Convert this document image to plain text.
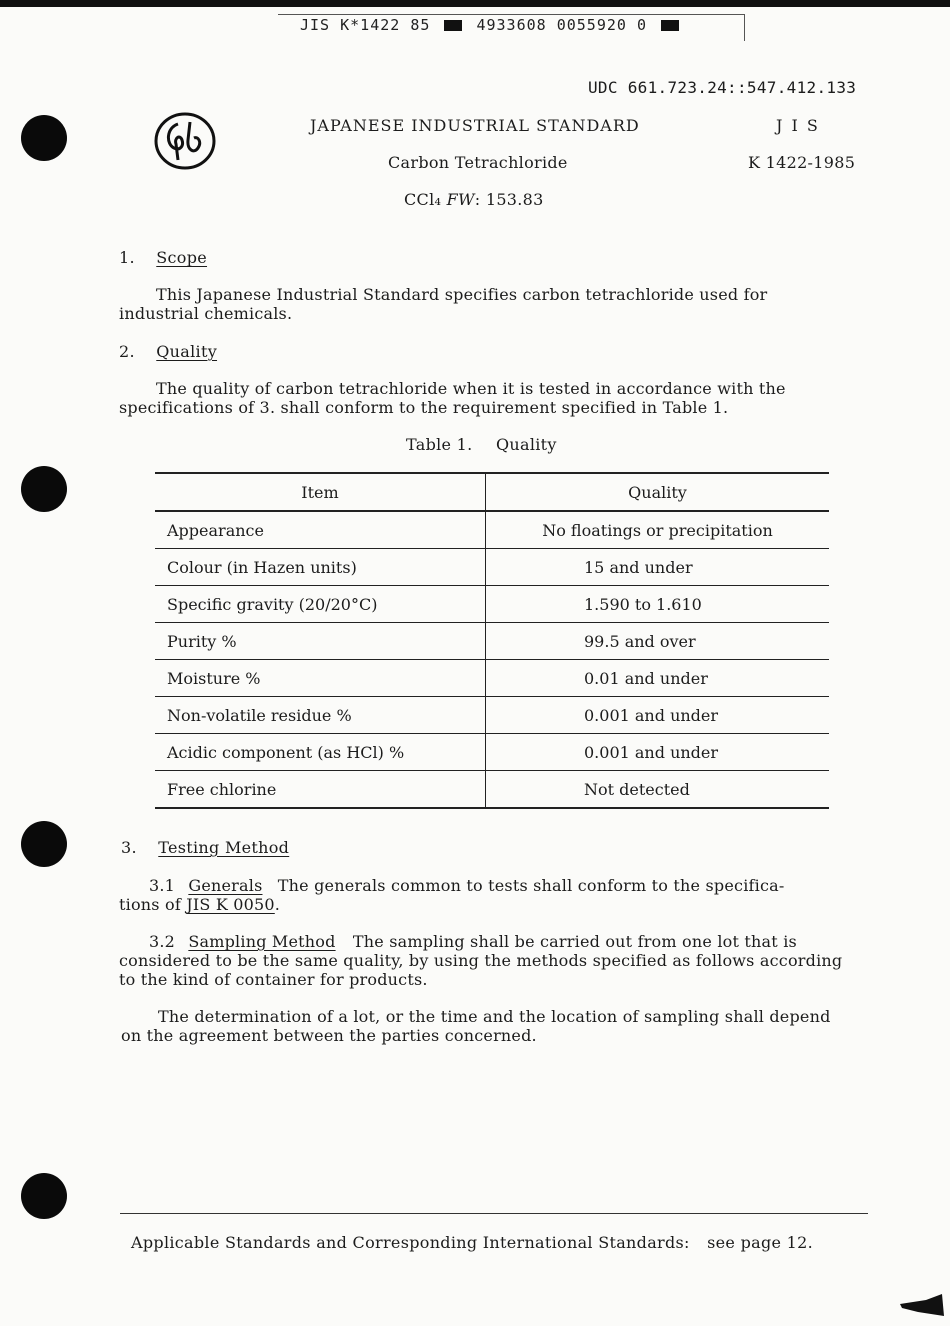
JIS K*1422 85	4933608 0055920 0
UDC 661.723.24::547.412.133
JAPANESE INDUSTRIAL STANDARD	J I S
Carbon Tetrachloride	K 1422-1985
CCl₄ FW: 153.83
1. Scope
This Japanese Industrial Standard specifies carbon tetrachloride used for industrial chemicals.
2. Quality
The quality of carbon tetrachloride when it is tested in accordance with the specifications of 3. shall conform to the requirement specified in Table 1.
Table 1. Quality
Item	Quality
Appearance	No floatings or precipitation
Colour (in Hazen units)	15 and under
Specific gravity (20/20°C)	1.590 to 1.610
Purity %	99.5 and over
Moisture %	0.01 and under
Non-volatile residue %	0.001 and under
Acidic component (as HCl) %	0.001 and under
Free chlorine	Not detected
3. Testing Method
3.1 Generals The generals common to tests shall conform to the specifica-
tions of JIS K 0050.
3.2 Sampling Method The sampling shall be carried out from one lot that is considered to be the same quality, by using the methods specified as follows according to the kind of container for products.
The determination of a lot, or the time and the location of sampling shall depend on the agreement between the parties concerned.
Applicable Standards and Corresponding International Standards: see page 12.
